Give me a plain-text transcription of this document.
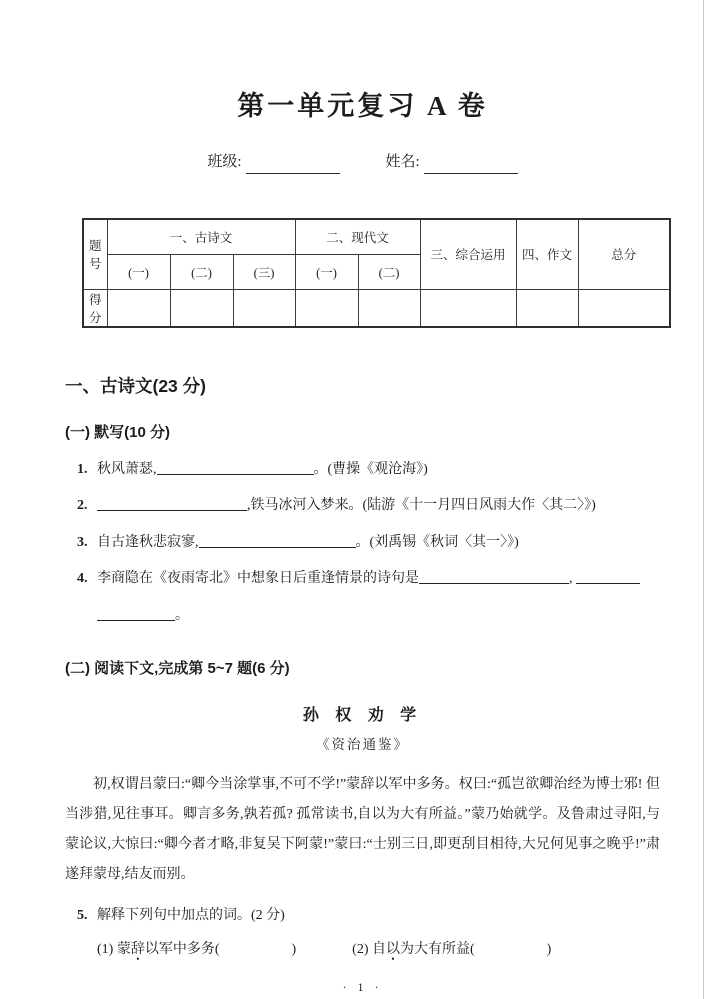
第一单元复习 A 卷
班级:	姓名:
题号	一、古诗文			二、现代文		三、综合运用	四、作文	总分
	(一)	(二)	(三)	(一)	(二)			
得分								
一、古诗文(23 分)
(一) 默写(10 分)
1. 秋风萧瑟,	。(曹操《观沧海》)
2.	,铁马冰河入梦来。(陆游《十一月四日风雨大作〈其二〉》)
3. 自古逢秋悲寂寥,	。(刘禹锡《秋词〈其一〉》)
4. 李商隐在《夜雨寄北》中想象日后重逢情景的诗句是	,
。
(二) 阅读下文,完成第 5~7 题(6 分)
孙 权 劝 学
《资治通鉴》
初,权谓吕蒙曰:“卿今当涂掌事,不可不学!”蒙辞以军中多务。权曰:“孤岂欲卿治经为博士邪! 但当涉猎,见往事耳。卿言多务,孰若孤? 孤常读书,自以为大有所益。”蒙乃始就学。及鲁肃过寻阳,与蒙论议,大惊曰:“卿今者才略,非复吴下阿蒙!”蒙曰:“士别三日,即更刮目相待,大兄何见事之晚乎!”肃遂拜蒙母,结友而别。
5. 解释下列句中加点的词。(2 分)
(1) 蒙辞以军中多务(	)	(2) 自以为大有所益(	)
· 1 ·
